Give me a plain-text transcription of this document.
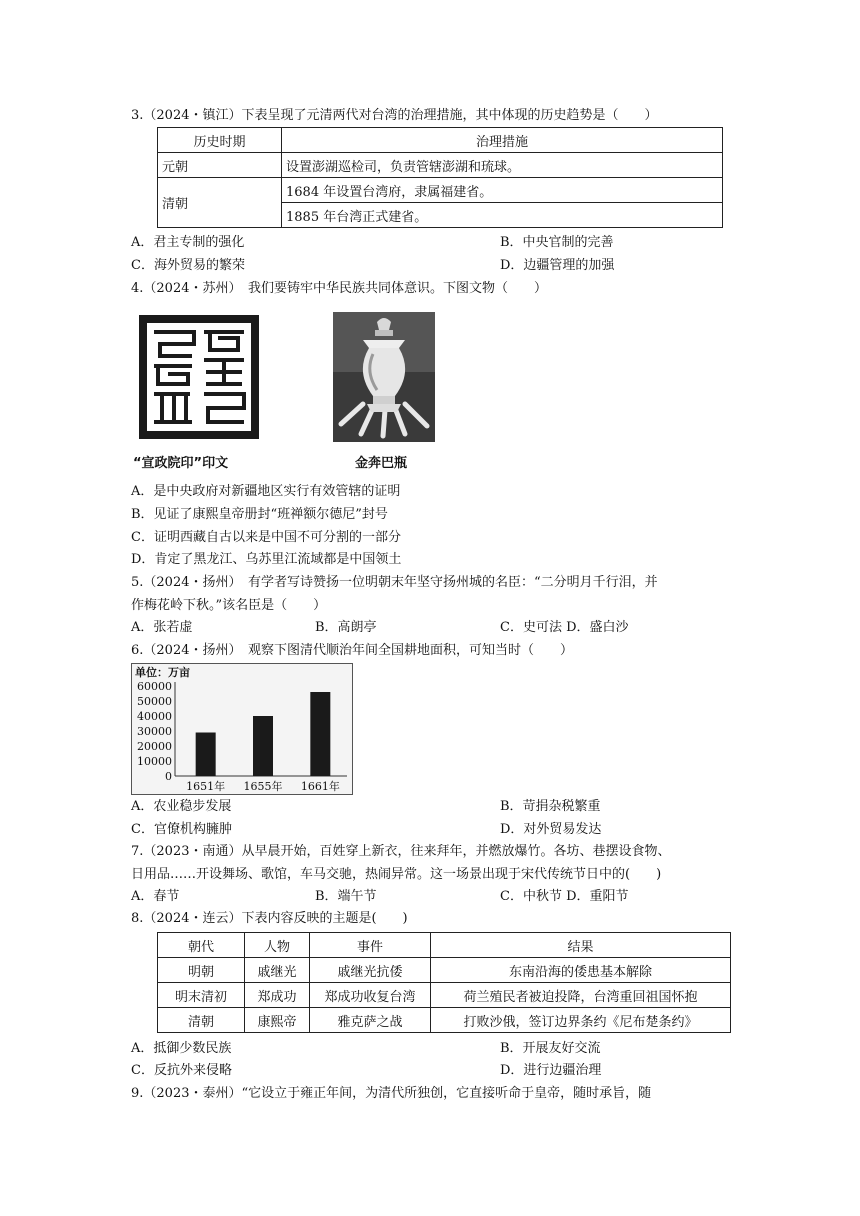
3.（2024・镇江）下表呈现了元清两代对台湾的治理措施，其中体现的历史趋势是（　　）
历史时期	治理措施
元朝	设置澎湖巡检司，负责管辖澎湖和琉球。
清朝	1684 年设置台湾府，隶属福建省。
	1885 年台湾正式建省。
A．君主专制的强化	B．中央官制的完善
C．海外贸易的繁荣	D．边疆管理的加强
4.（2024・苏州）　我们要铸牢中华民族共同体意识。下图文物（　　）
“宣政院印”印文	金奔巴瓶
A．是中央政府对新疆地区实行有效管辖的证明
B．见证了康熙皇帝册封“班禅额尔德尼”封号
C．证明西藏自古以来是中国不可分割的一部分
D．肯定了黑龙江、乌苏里江流域都是中国领土
5.（2024・扬州）　有学者写诗赞扬一位明朝末年坚守扬州城的名臣：“二分明月千行泪，并
作梅花岭下秋。”该名臣是（　　）
A．张若虚	B．高朗亭	C．史可法 D．盛白沙
6.（2024・扬州）　观察下图清代顺治年间全国耕地面积，可知当时（　　）
单位：万亩
60000
50000
40000
30000
20000
10000
0
1651年 1655年 1661年
A．农业稳步发展	B．苛捐杂税繁重
C．官僚机构臃肿	D．对外贸易发达
7.（2023・南通）从早晨开始，百姓穿上新衣，往来拜年，并燃放爆竹。各坊、巷摆设食物、
日用品……开设舞场、歌馆，车马交驰，热闹异常。这一场景出现于宋代传统节日中的(　　)
A．春节	B．端午节	C．中秋节 D．重阳节
8.（2024・连云）下表内容反映的主题是(　　)
朝代	人物	事件	结果
明朝	戚继光	戚继光抗倭	东南沿海的倭患基本解除
明末清初	郑成功	郑成功收复台湾	荷兰殖民者被迫投降，台湾重回祖国怀抱
清朝	康熙帝	雅克萨之战	打败沙俄，签订边界条约《尼布楚条约》
A．抵御少数民族	B．开展友好交流
C．反抗外来侵略	D．进行边疆治理
9.（2023・泰州）“它设立于雍正年间，为清代所独创，它直接听命于皇帝，随时承旨，随
